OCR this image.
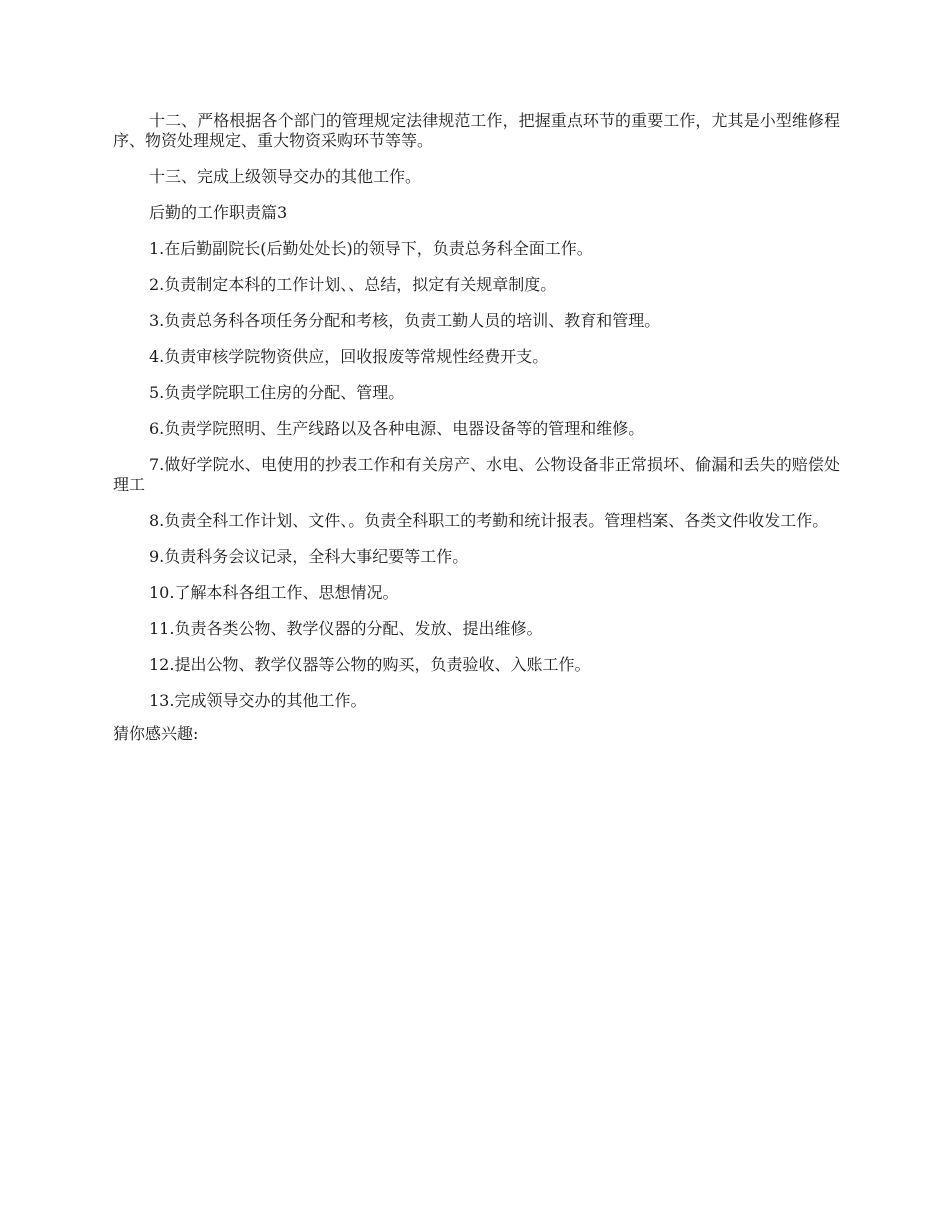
十二、严格根据各个部门的管理规定法律规范工作，把握重点环节的重要工作，尤其是小型维修程序、物资处理规定、重大物资采购环节等等。

十三、完成上级领导交办的其他工作。

后勤的工作职责篇3

1.在后勤副院长(后勤处处长)的领导下，负责总务科全面工作。

2.负责制定本科的工作计划、、总结，拟定有关规章制度。

3.负责总务科各项任务分配和考核，负责工勤人员的培训、教育和管理。

4.负责审核学院物资供应，回收报废等常规性经费开支。

5.负责学院职工住房的分配、管理。

6.负责学院照明、生产线路以及各种电源、电器设备等的管理和维修。

7.做好学院水、电使用的抄表工作和有关房产、水电、公物设备非正常损坏、偷漏和丢失的赔偿处理工

8.负责全科工作计划、文件、。负责全科职工的考勤和统计报表。管理档案、各类文件收发工作。

9.负责科务会议记录，全科大事纪要等工作。

10.了解本科各组工作、思想情况。

11.负责各类公物、教学仪器的分配、发放、提出维修。

12.提出公物、教学仪器等公物的购买，负责验收、入账工作。

13.完成领导交办的其他工作。

猜你感兴趣:
